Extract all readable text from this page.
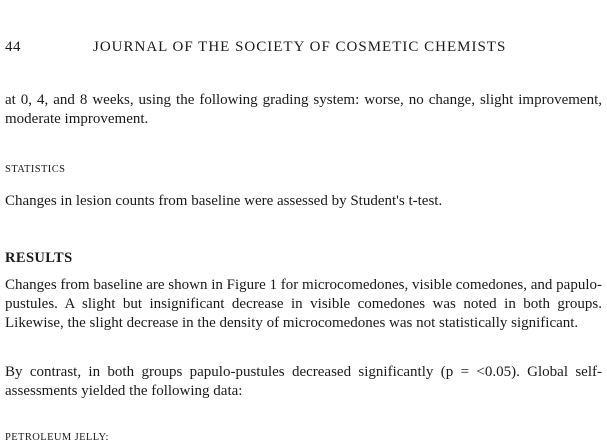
44	JOURNAL OF THE SOCIETY OF COSMETIC CHEMISTS
at 0, 4, and 8 weeks, using the following grading system: worse, no change, slight improvement, moderate improvement.
STATISTICS
Changes in lesion counts from baseline were assessed by Student's t-test.
RESULTS
Changes from baseline are shown in Figure 1 for microcomedones, visible comedones, and papulo-pustules. A slight but insignificant decrease in visible comedones was noted in both groups. Likewise, the slight decrease in the density of microcomedones was not statistically significant.
By contrast, in both groups papulo-pustules decreased significantly (p = <0.05). Global self-assessments yielded the following data:
PETROLEUM JELLY:
